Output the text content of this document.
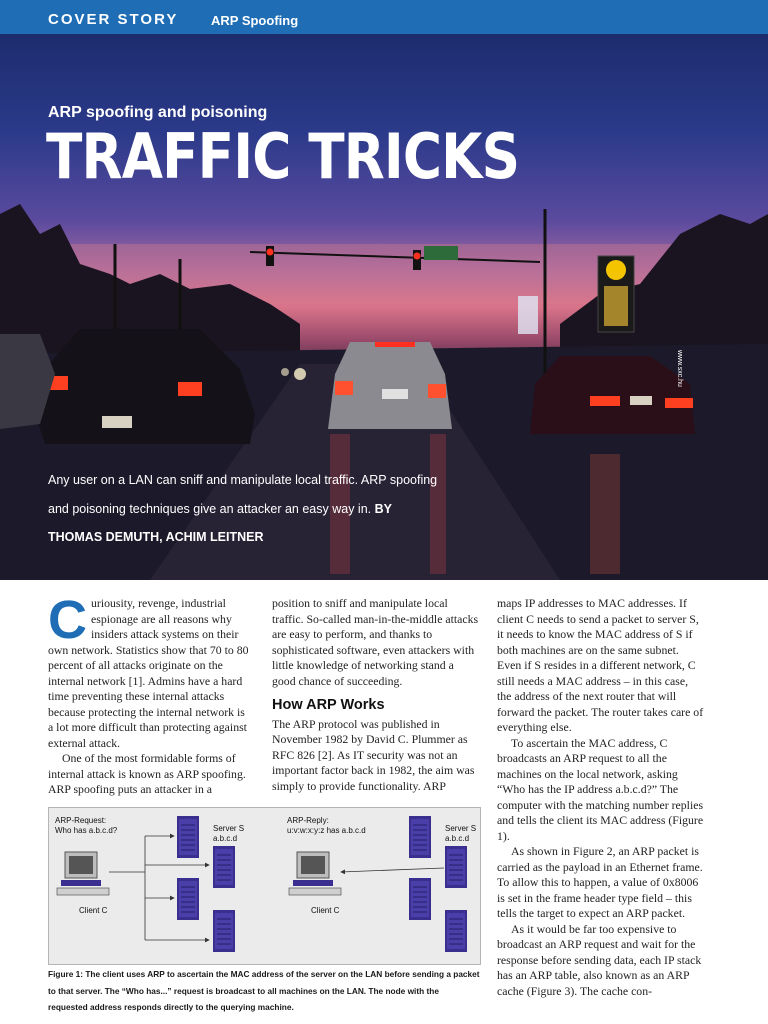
COVER STORY	ARP Spoofing
ARP spoofing and poisoning
TRAFFIC TRICKS
www.sxc.hu
Any user on a LAN can sniff and manipulate local traffic. ARP spoofing and poisoning techniques give an attacker an easy way in. BY THOMAS DEMUTH, ACHIM LEITNER

Curiousity, revenge, industrial espionage are all reasons why insiders attack systems on their own network. Statistics show that 70 to 80 percent of all attacks originate on the internal network [1]. Admins have a hard time preventing these internal attacks because protecting the internal network is a lot more difficult than protecting against external attack.

One of the most formidable forms of internal attack is known as ARP spoofing. ARP spoofing puts an attacker in a

position to sniff and manipulate local traffic. So-called man-in-the-middle attacks are easy to perform, and thanks to sophisticated software, even attackers with little knowledge of networking stand a good chance of succeeding.

How ARP Works

The ARP protocol was published in November 1982 by David C. Plummer as RFC 826 [2]. As IT security was not an important factor back in 1982, the aim was simply to provide functionality. ARP

maps IP addresses to MAC addresses. If client C needs to send a packet to server S, it needs to know the MAC address of S if both machines are on the same subnet. Even if S resides in a different network, C still needs a MAC address – in this case, the address of the next router that will forward the packet. The router takes care of everything else.

To ascertain the MAC address, C broadcasts an ARP request to all the machines on the local network, asking “Who has the IP address a.b.c.d?” The computer with the matching number replies and tells the client its MAC address (Figure 1).

As shown in Figure 2, an ARP packet is carried as the payload in an Ethernet frame. To allow this to happen, a value of 0x8006 is set in the frame header type field – this tells the target to expect an ARP packet.

As it would be far too expensive to broadcast an ARP request and wait for the response before sending data, each IP stack has an ARP table, also known as an ARP cache (Figure 3). The cache con-

ARP-Request:
Who has a.b.c.d?	Server S
a.b.c.d
Client C
ARP-Reply:
u:v:w:x:y:z has a.b.c.d	Server S
a.b.c.d
Client C
Figure 1: The client uses ARP to ascertain the MAC address of the server on the LAN before sending a packet to that server. The “Who has...” request is broadcast to all machines on the LAN. The node with the requested address responds directly to the querying machine.
